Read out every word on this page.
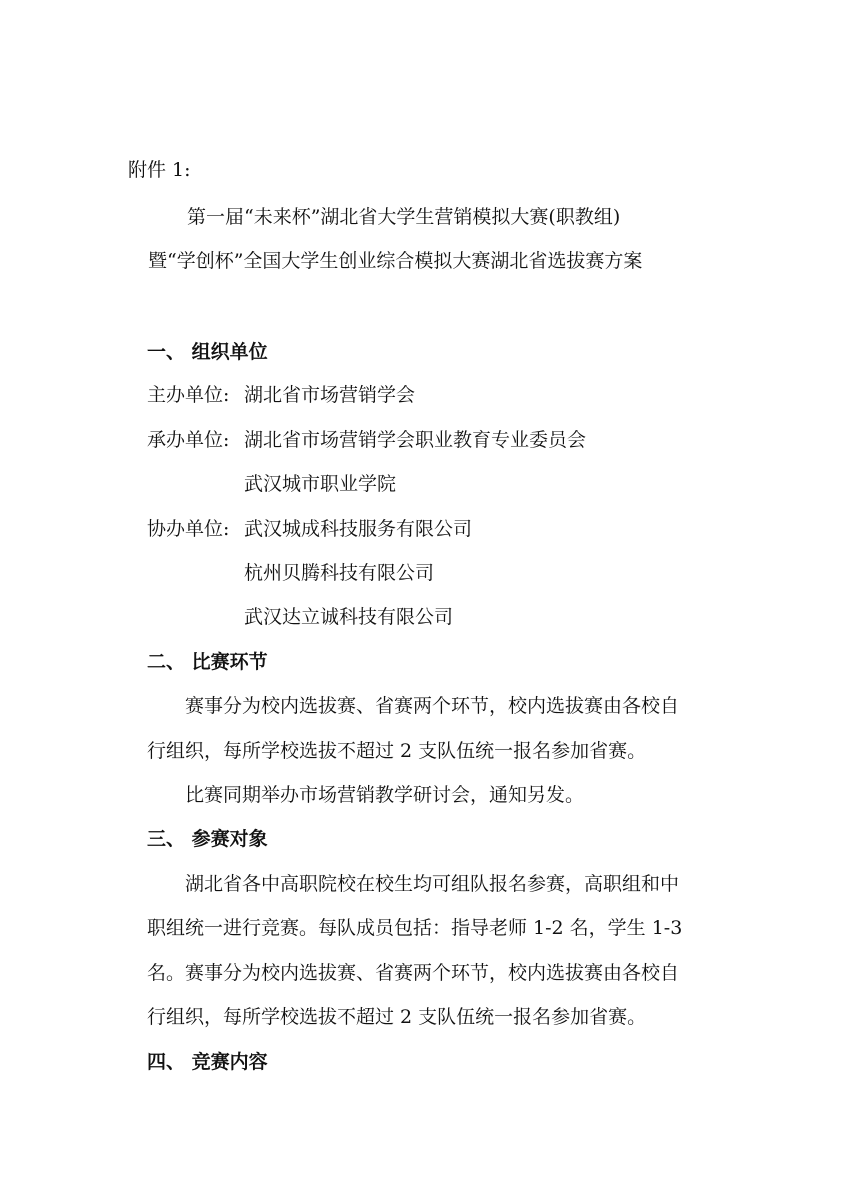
附件 1:
第一届“未来杯”湖北省大学生营销模拟大赛(职教组)
暨“学创杯”全国大学生创业综合模拟大赛湖北省选拔赛方案
一、 组织单位
主办单位: 湖北省市场营销学会
承办单位: 湖北省市场营销学会职业教育专业委员会
武汉城市职业学院
协办单位: 武汉城成科技服务有限公司
杭州贝腾科技有限公司
武汉达立诚科技有限公司
二、 比赛环节
赛事分为校内选拔赛、省赛两个环节，校内选拔赛由各校自
行组织，每所学校选拔不超过 2 支队伍统一报名参加省赛。
比赛同期举办市场营销教学研讨会，通知另发。
三、 参赛对象
湖北省各中高职院校在校生均可组队报名参赛，高职组和中
职组统一进行竞赛。每队成员包括：指导老师 1-2 名，学生 1-3
名。赛事分为校内选拔赛、省赛两个环节，校内选拔赛由各校自
行组织，每所学校选拔不超过 2 支队伍统一报名参加省赛。
四、 竞赛内容
